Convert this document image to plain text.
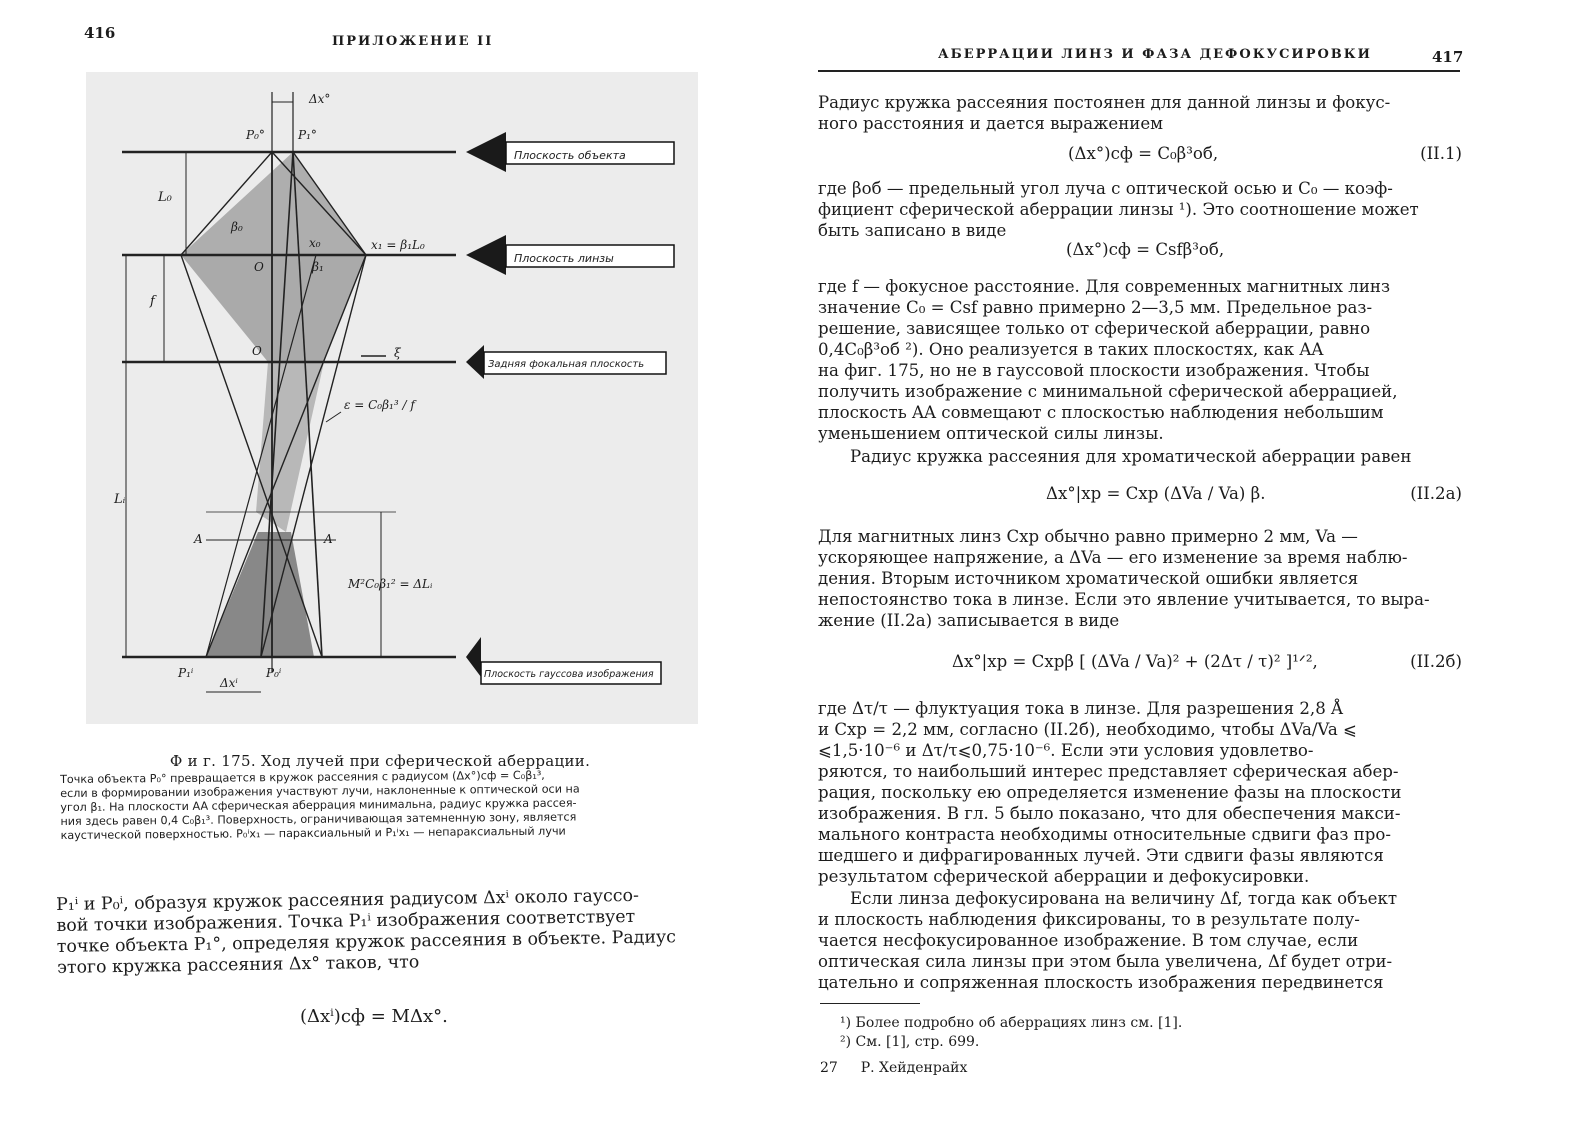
416	ПРИЛОЖЕНИЕ II
Δx°
P₀°	P₁°
L₀
β₀
x₀	x₁ = β₁L₀
β₁
O
f
O	ξ
ε = C₀β₁³ / f
Lᵢ
A	A
M²C₀β₁² = ΔLᵢ
P₁ⁱ
Δxⁱ
P₀ⁱ
Плоскость объекта
Плоскость линзы
Задняя фокальная плоскость
Плоскость гауссова изображения
Ф и г. 175. Ход лучей при сферической аберрации.

Точка объекта P₀° превращается в кружок рассеяния с радиусом (Δx°)сф = C₀β₁³,

если в формировании изображения участвуют лучи, наклоненные к оптической оси на

угол β₁. На плоскости AA сферическая аберрация минимальна, радиус кружка рассея-

ния здесь равен 0,4 C₀β₁³. Поверхность, ограничивающая затемненную зону, является

каустической поверхностью. P₀ⁱx₁ — параксиальный и P₁ⁱx₁ — непараксиальный лучи

P₁ⁱ и P₀ⁱ, образуя кружок рассеяния радиусом Δxⁱ около гауссо-

вой точки изображения. Точка P₁ⁱ изображения соответствует

точке объекта P₁°, определяя кружок рассеяния в объекте. Радиус

этого кружка рассеяния Δx° таков, что

(Δxⁱ)сф = MΔx°.
АБЕРРАЦИИ ЛИНЗ И ФАЗА ДЕФОКУСИРОВКИ	417

Радиус кружка рассеяния постоянен для данной линзы и фокус-

ного расстояния и дается выражением

(Δx°)сф = C₀β³об,	(II.1)

где βоб — предельный угол луча с оптической осью и C₀ — коэф-

фициент сферической аберрации линзы ¹). Это соотношение может

быть записано в виде

(Δx°)сф = Csfβ³об,

где f — фокусное расстояние. Для современных магнитных линз

значение C₀ = Csf равно примерно 2—3,5 мм. Предельное раз-

решение, зависящее только от сферической аберрации, равно

0,4C₀β³об ²). Оно реализуется в таких плоскостях, как AA

на фиг. 175, но не в гауссовой плоскости изображения. Чтобы

получить изображение с минимальной сферической аберрацией,

плоскость AA совмещают с плоскостью наблюдения небольшим

уменьшением оптической силы линзы.

Радиус кружка рассеяния для хроматической аберрации равен

Δx°|хр = Cхр (ΔVa / Va) β.	(II.2a)

Для магнитных линз Cхр обычно равно примерно 2 мм, Va —

ускоряющее напряжение, а ΔVa — его изменение за время наблю-

дения. Вторым источником хроматической ошибки является

непостоянство тока в линзе. Если это явление учитывается, то выра-

жение (II.2a) записывается в виде

Δx°|хр = Cхрβ [ (ΔVa / Va)² + (2Δτ / τ)² ]¹ᐟ²,	(II.2б)

где Δτ/τ — флуктуация тока в линзе. Для разрешения 2,8 Å

и Cхр = 2,2 мм, согласно (II.2б), необходимо, чтобы ΔVa/Va ⩽

⩽1,5·10⁻⁶ и Δτ/τ⩽0,75·10⁻⁶. Если эти условия удовлетво-

ряются, то наибольший интерес представляет сферическая абер-

рация, поскольку ею определяется изменение фазы на плоскости

изображения. В гл. 5 было показано, что для обеспечения макси-

мального контраста необходимы относительные сдвиги фаз про-

шедшего и дифрагированных лучей. Эти сдвиги фазы являются

результатом сферической аберрации и дефокусировки.

Если линза дефокусирована на величину Δf, тогда как объект

и плоскость наблюдения фиксированы, то в результате полу-

чается несфокусированное изображение. В том случае, если

оптическая сила линзы при этом была увеличена, Δf будет отри-

цательно и сопряженная плоскость изображения передвинется

¹) Более подробно об аберрациях линз см. [1].
²) См. [1], стр. 699.
27 Р. Хейденрайх
